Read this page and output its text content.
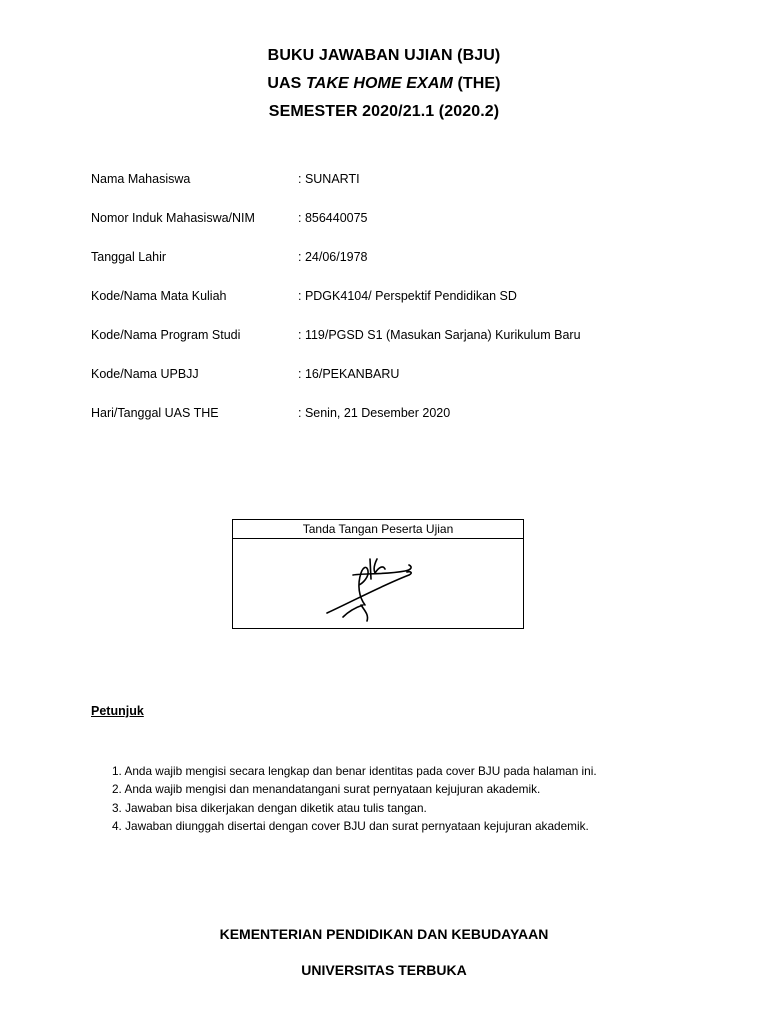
BUKU JAWABAN UJIAN (BJU)
UAS TAKE HOME EXAM (THE)
SEMESTER 2020/21.1 (2020.2)
Nama Mahasiswa	: SUNARTI
Nomor Induk Mahasiswa/NIM	: 856440075
Tanggal Lahir	: 24/06/1978
Kode/Nama Mata Kuliah	: PDGK4104/ Perspektif Pendidikan SD
Kode/Nama Program Studi	: 119/PGSD S1 (Masukan Sarjana) Kurikulum Baru
Kode/Nama UPBJJ	: 16/PEKANBARU
Hari/Tanggal UAS THE	: Senin, 21 Desember 2020
Tanda Tangan Peserta Ujian
Petunjuk
1. Anda wajib mengisi secara lengkap dan benar identitas pada cover BJU pada halaman ini.
2. Anda wajib mengisi dan menandatangani surat pernyataan kejujuran akademik.
3. Jawaban bisa dikerjakan dengan diketik atau tulis tangan.
4. Jawaban diunggah disertai dengan cover BJU dan surat pernyataan kejujuran akademik.
KEMENTERIAN PENDIDIKAN DAN KEBUDAYAAN
UNIVERSITAS TERBUKA
